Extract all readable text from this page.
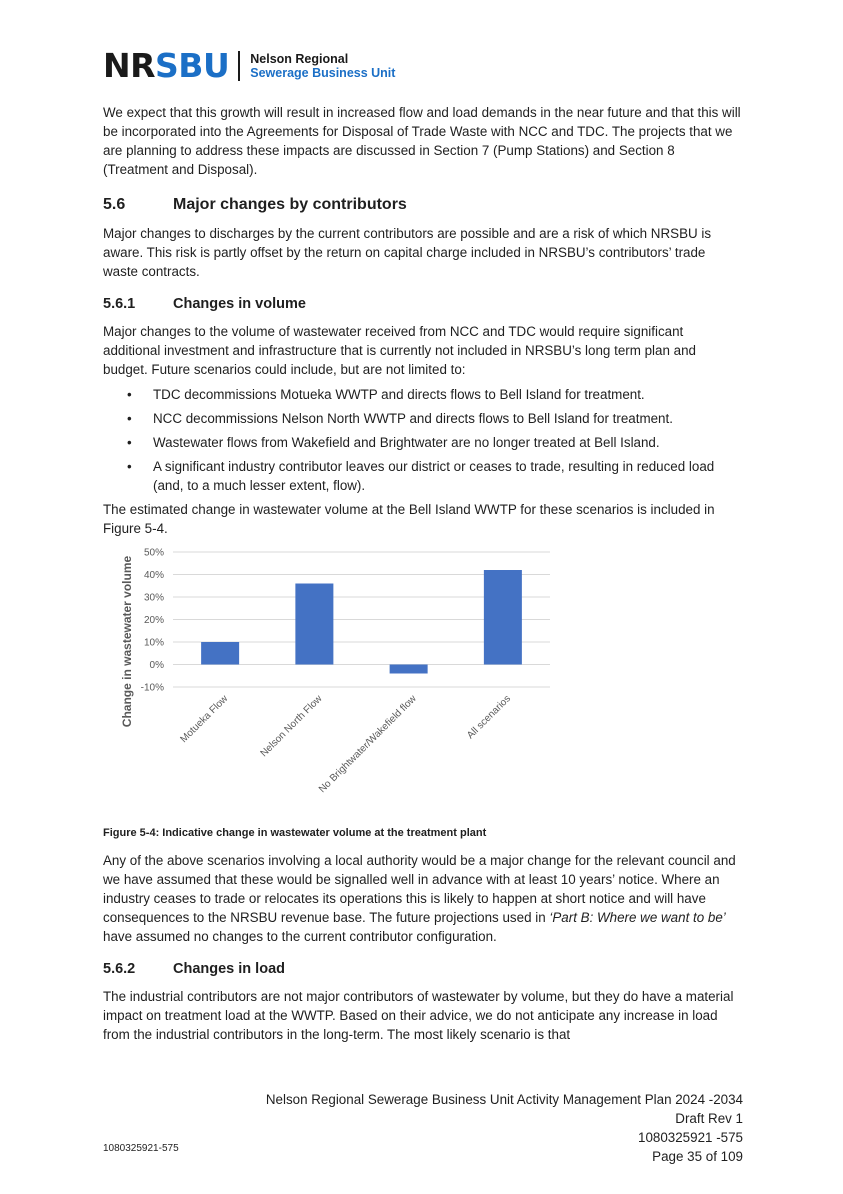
NRSBU Nelson Regional
Sewerage Business Unit

We expect that this growth will result in increased flow and load demands in the near future and that this will be incorporated into the Agreements for Disposal of Trade Waste with NCC and TDC. The projects that we are planning to address these impacts are discussed in Section 7 (Pump Stations) and Section 8 (Treatment and Disposal).

5.6	Major changes by contributors

Major changes to discharges by the current contributors are possible and are a risk of which NRSBU is aware. This risk is partly offset by the return on capital charge included in NRSBU’s contributors’ trade waste contracts.

5.6.1	Changes in volume

Major changes to the volume of wastewater received from NCC and TDC would require significant additional investment and infrastructure that is currently not included in NRSBU’s long term plan and budget. Future scenarios could include, but are not limited to:

• TDC decommissions Motueka WWTP and directs flows to Bell Island for treatment.
• NCC decommissions Nelson North WWTP and directs flows to Bell Island for treatment.
• Wastewater flows from Wakefield and Brightwater are no longer treated at Bell Island.
• A significant industry contributor leaves our district or ceases to trade, resulting in reduced load (and, to a much lesser extent, flow).

The estimated change in wastewater volume at the Bell Island WWTP for these scenarios is included in Figure 5-4.

50%
40%
30%
20%
10%
0%
-10%
Change in wastewater volume	Motueka Flow	Nelson North Flow
No Brightwater/Wakefield flow	All scenarios

Figure 5-4: Indicative change in wastewater volume at the treatment plant

Any of the above scenarios involving a local authority would be a major change for the relevant council and we have assumed that these would be signalled well in advance with at least 10 years’ notice. Where an industry ceases to trade or relocates its operations this is likely to happen at short notice and will have consequences to the NRSBU revenue base. The future projections used in ‘Part B: Where we want to be’ have assumed no changes to the current contributor configuration.

5.6.2	Changes in load

The industrial contributors are not major contributors of wastewater by volume, but they do have a material impact on treatment load at the WWTP. Based on their advice, we do not anticipate any increase in load from the industrial contributors in the long-term. The most likely scenario is that

Nelson Regional Sewerage Business Unit Activity Management Plan 2024 -2034
Draft Rev 1
1080325921 -575
Page 35 of 109
1080325921-575
